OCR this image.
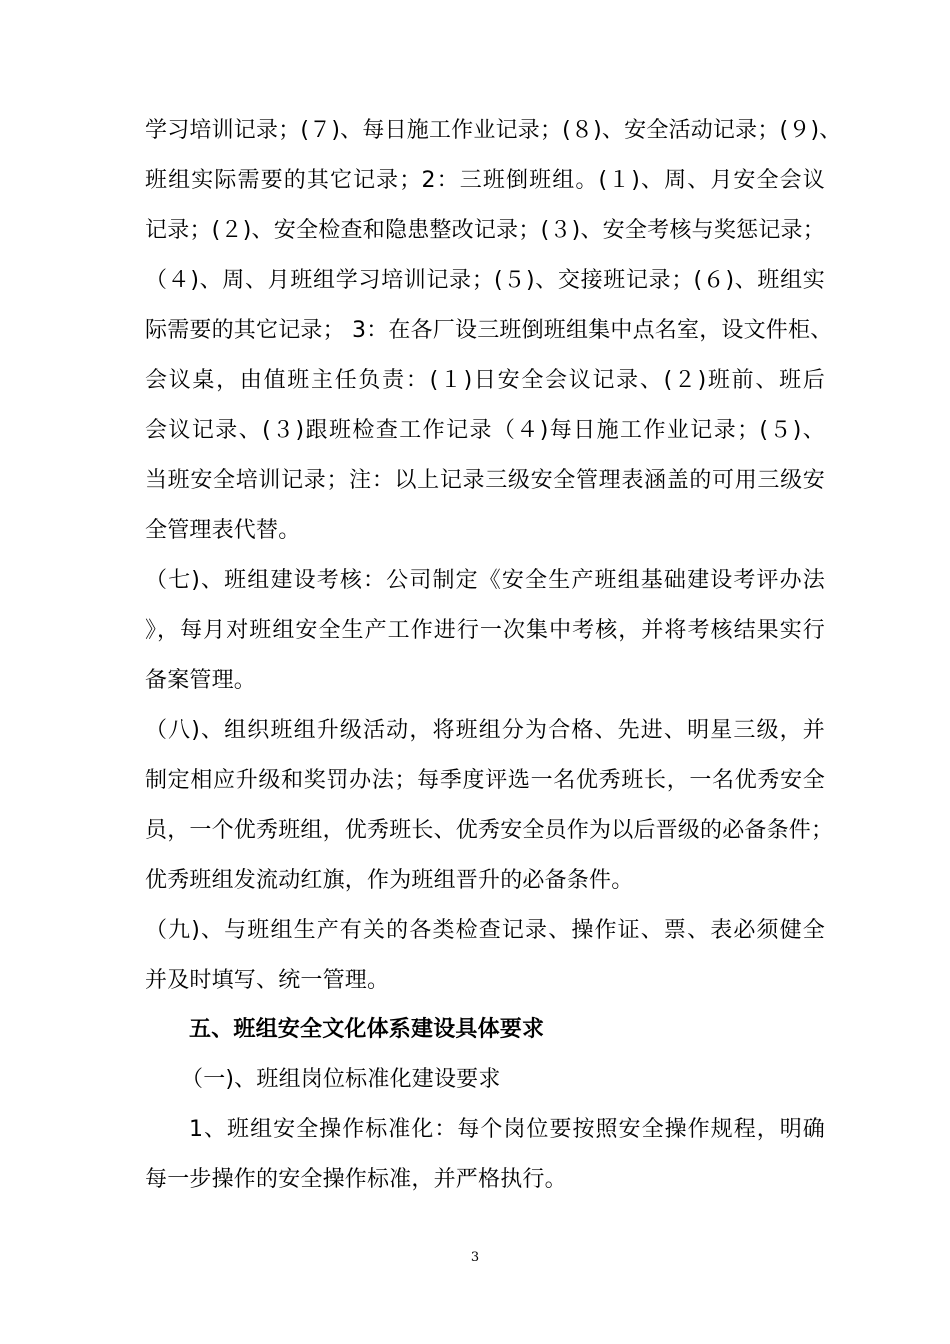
学习培训记录；(７)、每日施工作业记录；(８)、安全活动记录；(９)、
班组实际需要的其它记录；2：三班倒班组。(１)、周、月安全会议
记录；(２)、安全检查和隐患整改记录；(３)、安全考核与奖惩记录；
（４)、周、月班组学习培训记录；(５)、交接班记录；(６)、班组实
际需要的其它记录； 3：在各厂设三班倒班组集中点名室，设文件柜、
会议桌，由值班主任负责：(１)日安全会议记录、(２)班前、班后
会议记录、(３)跟班检查工作记录（４)每日施工作业记录；(５)、
当班安全培训记录；注：以上记录三级安全管理表涵盖的可用三级安
全管理表代替。
（七)、班组建设考核：公司制定《安全生产班组基础建设考评办法
》，每月对班组安全生产工作进行一次集中考核，并将考核结果实行
备案管理。
（八)、组织班组升级活动，将班组分为合格、先进、明星三级，并
制定相应升级和奖罚办法；每季度评选一名优秀班长，一名优秀安全
员，一个优秀班组，优秀班长、优秀安全员作为以后晋级的必备条件；
优秀班组发流动红旗，作为班组晋升的必备条件。
（九)、与班组生产有关的各类检查记录、操作证、票、表必须健全
并及时填写、统一管理。
五、班组安全文化体系建设具体要求
（一)、班组岗位标准化建设要求
1、班组安全操作标准化：每个岗位要按照安全操作规程，明确
每一步操作的安全操作标准，并严格执行。
3
